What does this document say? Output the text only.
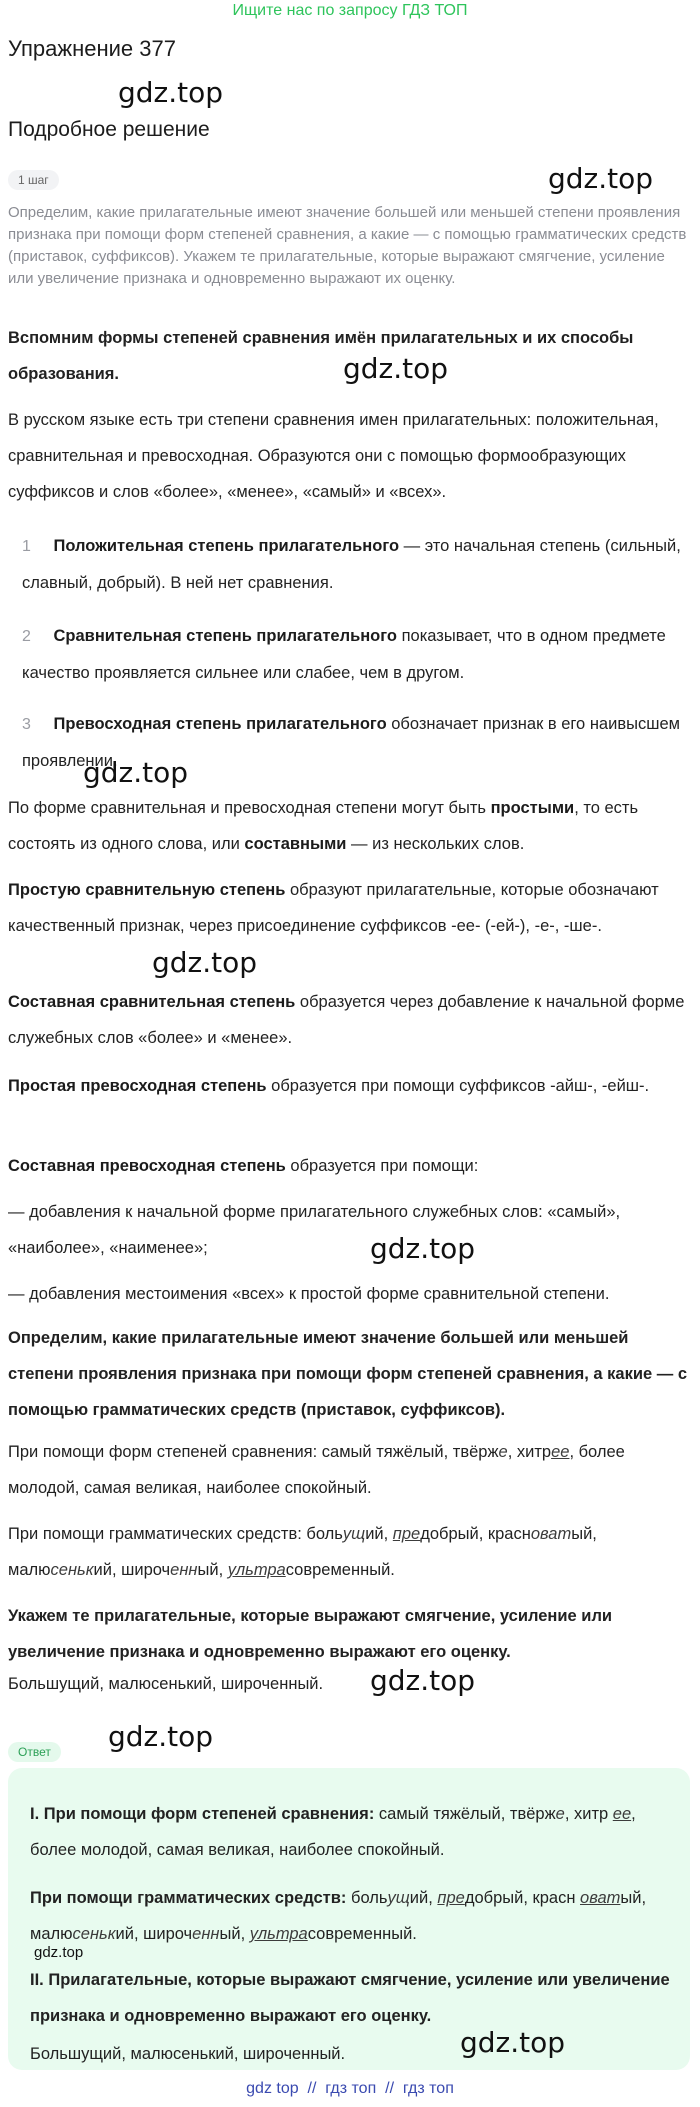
Ищите нас по запросу ГДЗ ТОП
Упражнение 377
gdz.top
Подробное решение
1 шаг	gdz.top
Определим, какие прилагательные имеют значение большей или меньшей степени проявления признака при помощи форм степеней сравнения, а какие — с помощью грамматических средств (приставок, суффиксов). Укажем те прилагательные, которые выражают смягчение, усиление или увеличение признака и одновременно выражают их оценку.
Вспомним формы степеней сравнения имён прилагательных и их способы образования.	gdz.top
В русском языке есть три степени сравнения имен прилагательных: положительная, сравнительная и превосходная. Образуются они с помощью формообразующих суффиксов и слов «более», «менее», «самый» и «всех».
1 Положительная степень прилагательного — это начальная степень (сильный, славный, добрый). В ней нет сравнения.
2 Сравнительная степень прилагательного показывает, что в одном предмете качество проявляется сильнее или слабее, чем в другом.
3 Превосходная степень прилагательного обозначает признак в его наивысшем проявлении.
gdz.top
По форме сравнительная и превосходная степени могут быть простыми, то есть состоять из одного слова, или составными — из нескольких слов.
Простую сравнительную степень образуют прилагательные, которые обозначают качественный признак, через присоединение суффиксов -ее- (-ей-), -е-, -ше-.
gdz.top
Составная сравнительная степень образуется через добавление к начальной форме служебных слов «более» и «менее».
Простая превосходная степень образуется при помощи суффиксов -айш-, -ейш-.
Составная превосходная степень образуется при помощи:
— добавления к начальной форме прилагательного служебных слов: «самый», «наиболее», «наименее»;	gdz.top
— добавления местоимения «всех» к простой форме сравнительной степени.
Определим, какие прилагательные имеют значение большей или меньшей степени проявления признака при помощи форм степеней сравнения, а какие — с помощью грамматических средств (приставок, суффиксов).
При помощи форм степеней сравнения: самый тяжёлый, твёрже, хитрее, более молодой, самая великая, наиболее спокойный.
При помощи грамматических средств: больущий, предобрый, красноватый, малюсенький, широченный, ультрасовременный.
Укажем те прилагательные, которые выражают смягчение, усиление или увеличение признака и одновременно выражают его оценку.
Большущий, малюсенький, широченный. gdz.top
Ответ	gdz.top
I. При помощи форм степеней сравнения: самый тяжёлый, твёрже, хитр ее, более молодой, самая великая, наиболее спокойный.
При помощи грамматических средств: больущий, предобрый, красн оватый, малюсенький, широченный, ультрасовременный.
gdz.top
II. Прилагательные, которые выражают смягчение, усиление или увеличение признака и одновременно выражают его оценку.
Большущий, малюсенький, широченный.	gdz.top
gdz top  //  гдз топ  //  гдз топ
